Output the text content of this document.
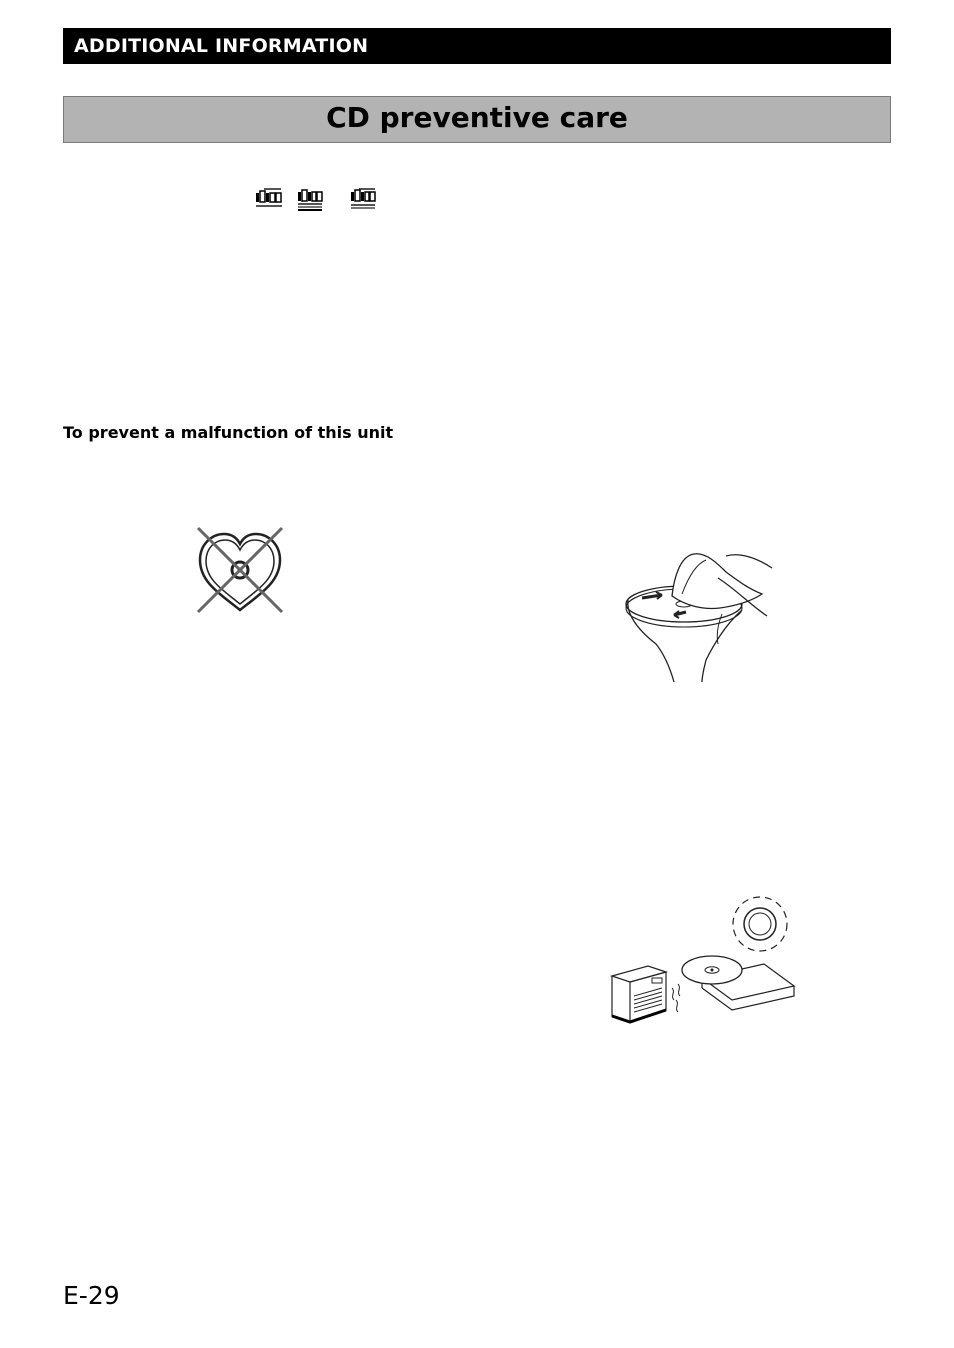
ADDITIONAL INFORMATION
CD preventive care
To prevent a malfunction of this unit
E-29
